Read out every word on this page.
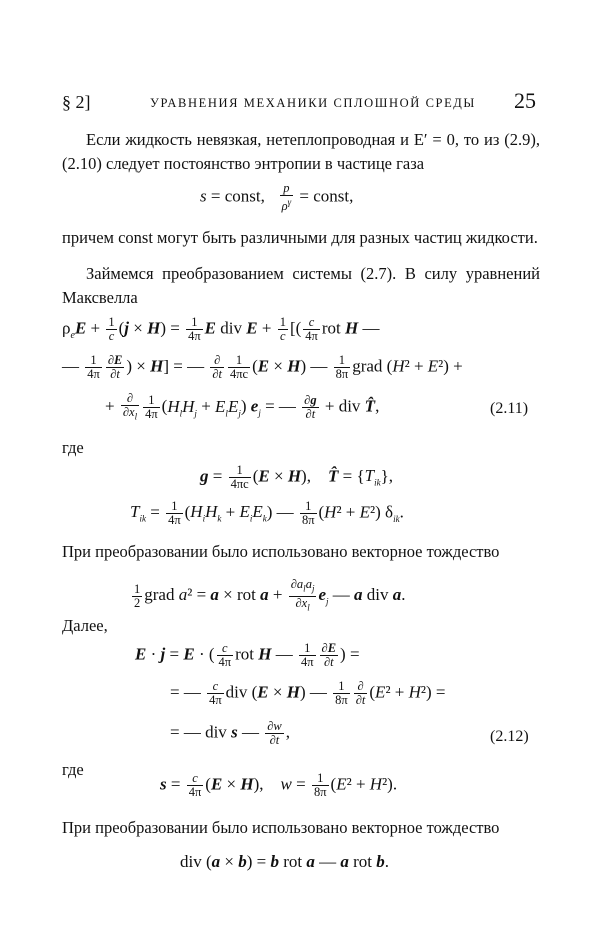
§ 2]	УРАВНЕНИЯ МЕХАНИКИ СПЛОШНОЙ СРЕДЫ 25
Если жидкость невязкая, нетеплопроводная и E′ = 0, то из (2.9), (2.10) следует постоянство энтропии в частице газа
s = const, $\frac{p}{\rho^\gamma}$ = const,
причем const могут быть различными для разных частиц жидкости.
Займемся преобразованием системы (2.7). В силу уравнений Максвелла
$\rho_eE + \frac{1}{c} (j \times H) = \frac{1}{4\pi}$ E div $E + \frac{1}{c}$ [( $\frac{c}{4\pi}$ rot H —
— $\frac{1}{4\pi} \frac{\partial E}{\partial t}$ ) × H] = — ∂
$\partial t \frac{1}{4\pi c} (E \times H)$ — $\frac{1}{8\pi}$ grad (H² + E²) +
+ ∂
$\partial x_l \frac{1}{4\pi} (H_lH_j + E_lE_j) e_j$ = — $\frac{\partial g}{\partial t}$ + div T̂,	(2.11)
где
$g = \frac{1}{4\pi c} (E \times H)$,    T̂ = $\{T_{ik}\}$,
$T_{ik} = \frac{1}{4\pi} (H_iH_k + E_iE_k)$ — $\frac{1}{8\pi} (H^2 + E^2)$ $\delta_{ik}$.
При преобразовании было использовано векторное тождество
$\frac{1}{2}$ grad a² = a × rot a +
$\partial a_la_j$
$\partial x_l$
$e_j$ — a div a.
Далее,
E · j = E · ( $\frac{c}{4\pi}$ rot H — $\frac{1}{4\pi} \frac{\partial E}{\partial t}$ ) =
= — $\frac{c}{4\pi}$ div (E × H) — $\frac{1}{8\pi}$ ∂
∂t (E² + H²) =
= — div s — $\frac{\partial w}{\partial t}$ ,	(2.12)
где
$s = \frac{c}{4\pi} (E \times H)$,    $w = \frac{1}{8\pi} (E^2 + H^2)$.
При преобразовании было использовано векторное тождество
div (a × b) = b rot a — a rot b.
